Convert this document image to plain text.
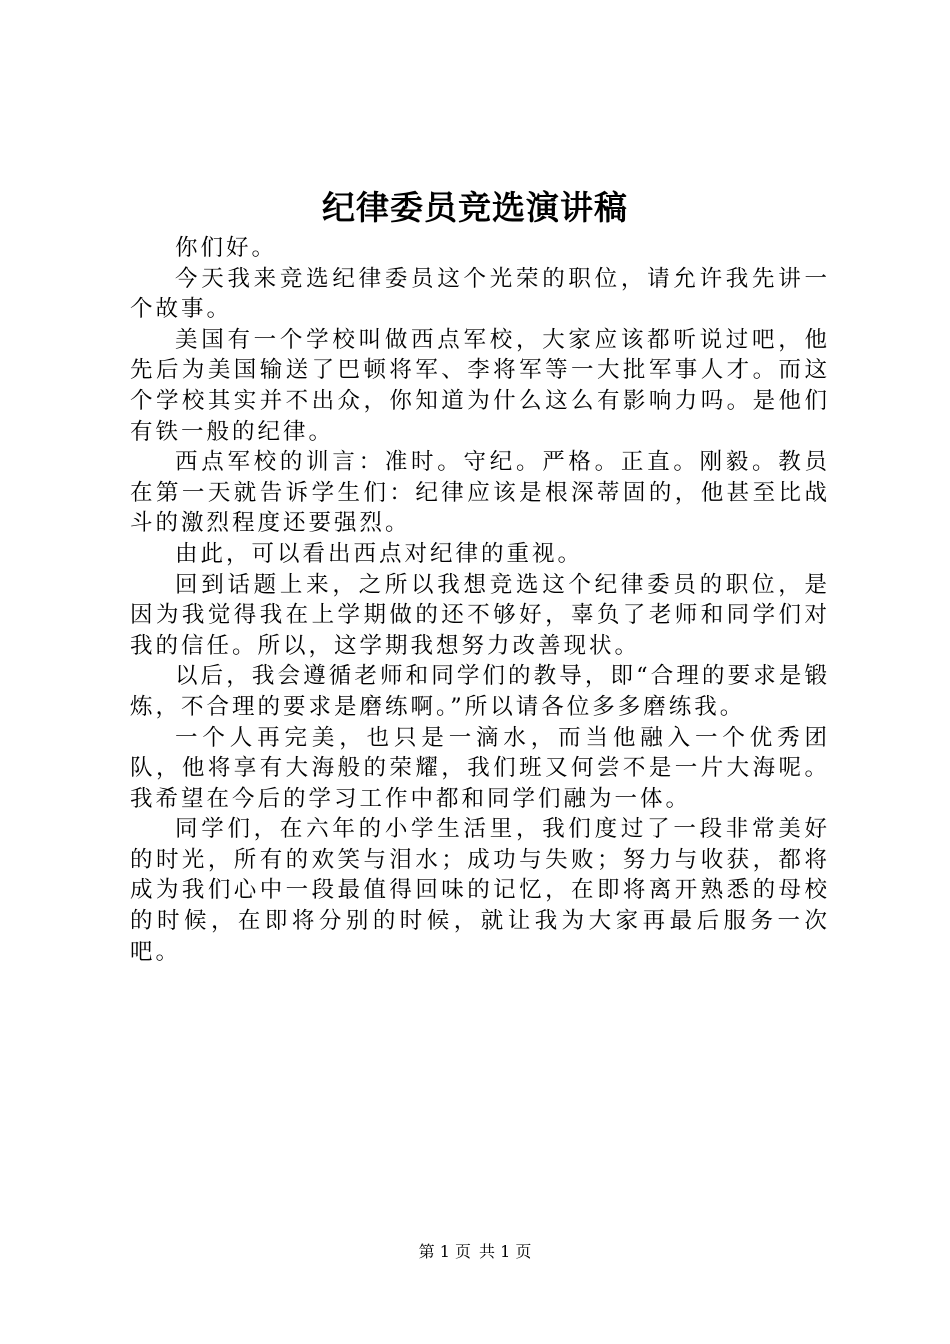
纪律委员竞选演讲稿

你们好。

今天我来竞选纪律委员这个光荣的职位，请允许我先讲一个故事。

美国有一个学校叫做西点军校，大家应该都听说过吧，他先后为美国输送了巴顿将军、李将军等一大批军事人才。而这个学校其实并不出众，你知道为什么这么有影响力吗。是他们有铁一般的纪律。

西点军校的训言：准时。守纪。严格。正直。刚毅。教员在第一天就告诉学生们：纪律应该是根深蒂固的，他甚至比战斗的激烈程度还要强烈。

由此，可以看出西点对纪律的重视。

回到话题上来，之所以我想竞选这个纪律委员的职位，是因为我觉得我在上学期做的还不够好，辜负了老师和同学们对我的信任。所以，这学期我想努力改善现状。

以后，我会遵循老师和同学们的教导，即“合理的要求是锻炼，不合理的要求是磨练啊。”所以请各位多多磨练我。

一个人再完美，也只是一滴水，而当他融入一个优秀团队，他将享有大海般的荣耀，我们班又何尝不是一片大海呢。我希望在今后的学习工作中都和同学们融为一体。

同学们，在六年的小学生活里，我们度过了一段非常美好的时光，所有的欢笑与泪水；成功与失败；努力与收获，都将成为我们心中一段最值得回味的记忆，在即将离开熟悉的母校的时候，在即将分别的时候，就让我为大家再最后服务一次吧。

第 1 页 共 1 页
